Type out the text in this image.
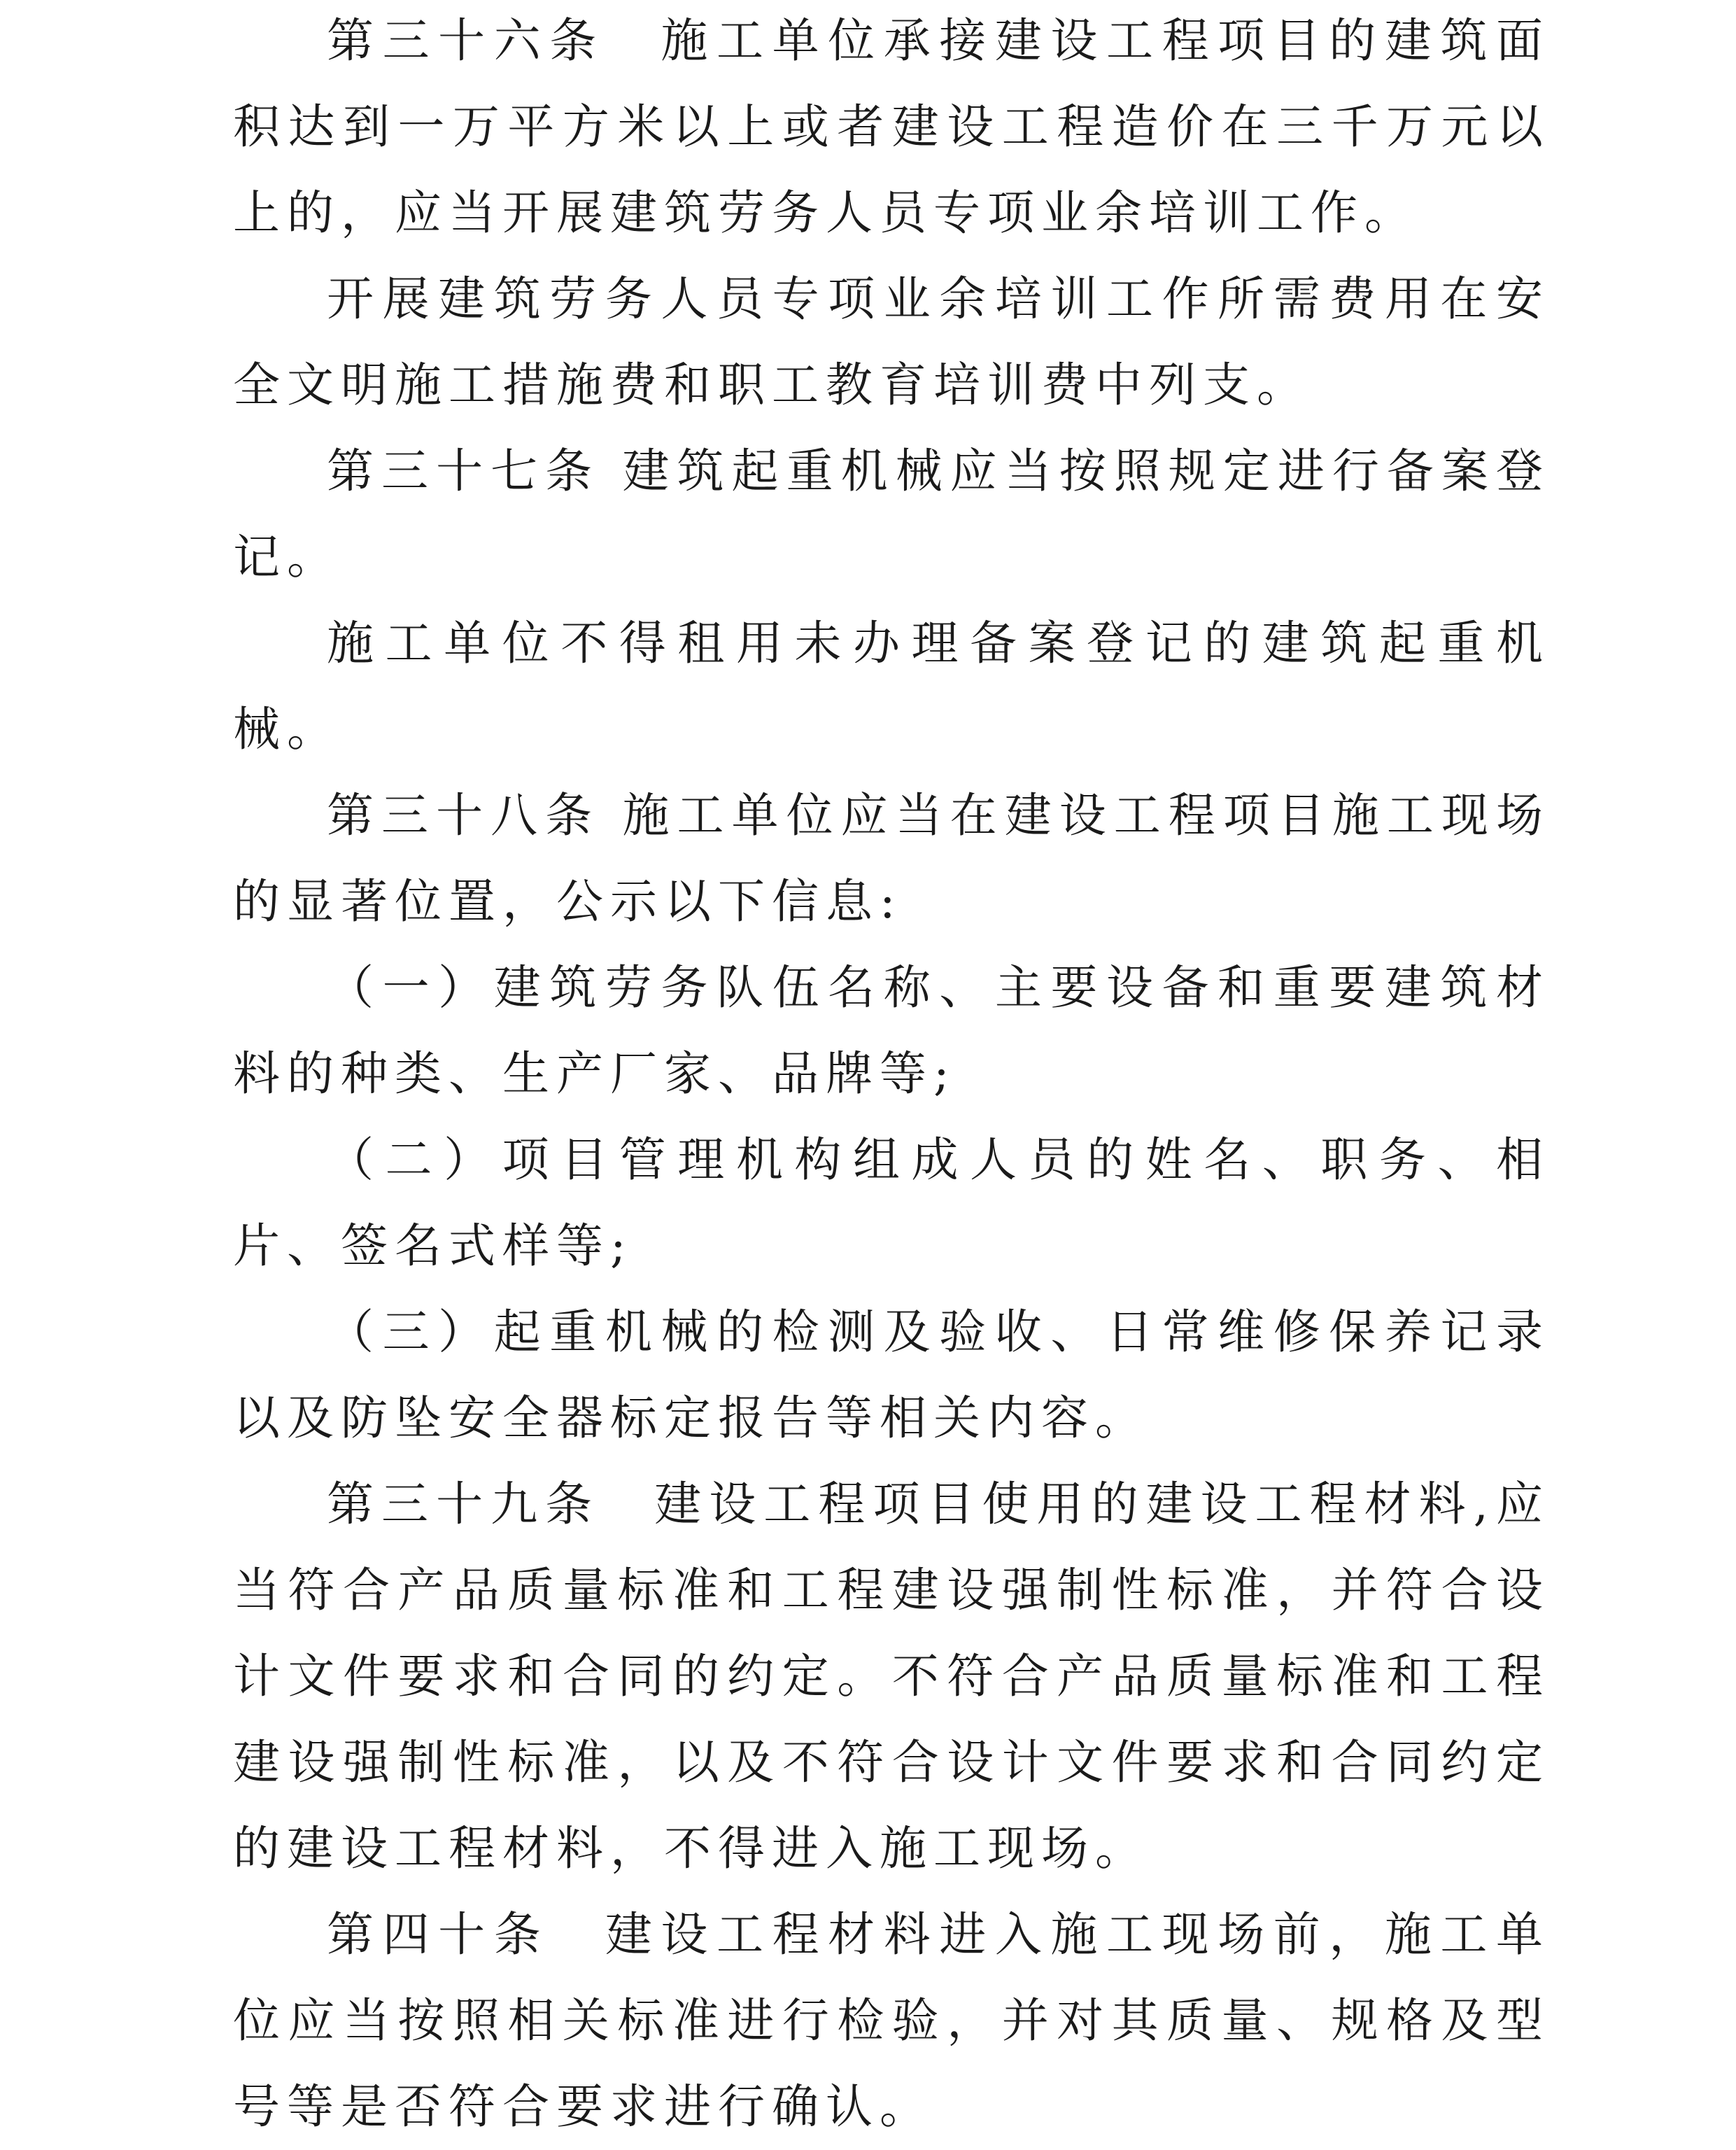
第三十六条　施工单位承接建设工程项目的建筑面积达到一万平方米以上或者建设工程造价在三千万元以上的，应当开展建筑劳务人员专项业余培训工作。

开展建筑劳务人员专项业余培训工作所需费用在安全文明施工措施费和职工教育培训费中列支。

第三十七条 建筑起重机械应当按照规定进行备案登记。

施工单位不得租用未办理备案登记的建筑起重机械。

第三十八条 施工单位应当在建设工程项目施工现场的显著位置，公示以下信息:

（一）建筑劳务队伍名称、主要设备和重要建筑材料的种类、生产厂家、品牌等;

（二）项目管理机构组成人员的姓名、职务、相片、签名式样等;

（三）起重机械的检测及验收、日常维修保养记录以及防坠安全器标定报告等相关内容。

第三十九条　建设工程项目使用的建设工程材料,应当符合产品质量标准和工程建设强制性标准，并符合设计文件要求和合同的约定。不符合产品质量标准和工程建设强制性标准，以及不符合设计文件要求和合同约定的建设工程材料，不得进入施工现场。

第四十条　建设工程材料进入施工现场前，施工单位应当按照相关标准进行检验，并对其质量、规格及型号等是否符合要求进行确认。
